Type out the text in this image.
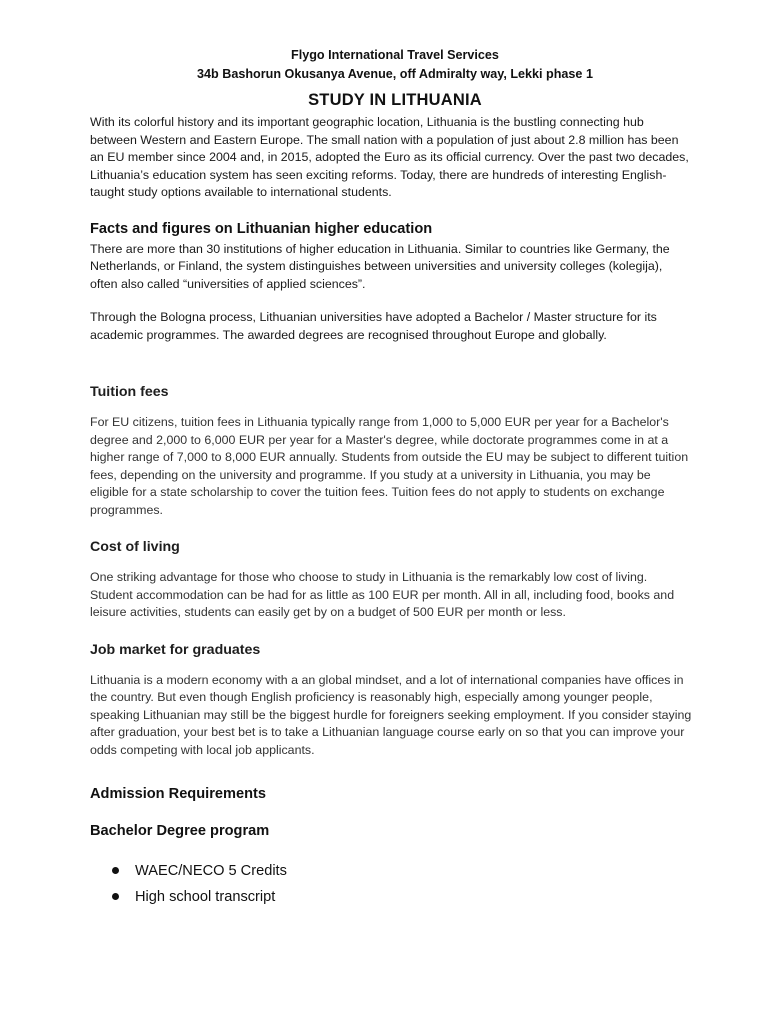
Flygo International Travel Services
34b Bashorun Okusanya Avenue, off Admiralty way, Lekki phase 1
STUDY IN LITHUANIA

With its colorful history and its important geographic location, Lithuania is the bustling connecting hub between Western and Eastern Europe. The small nation with a population of just about 2.8 million has been an EU member since 2004 and, in 2015, adopted the Euro as its official currency. Over the past two decades, Lithuania’s education system has seen exciting reforms. Today, there are hundreds of interesting English-taught study options available to international students.

Facts and figures on Lithuanian higher education

There are more than 30 institutions of higher education in Lithuania. Similar to countries like Germany, the Netherlands, or Finland, the system distinguishes between universities and university colleges (kolegija), often also called “universities of applied sciences”.

Through the Bologna process, Lithuanian universities have adopted a Bachelor / Master structure for its academic programmes. The awarded degrees are recognised throughout Europe and globally.

Tuition fees

For EU citizens, tuition fees in Lithuania typically range from 1,000 to 5,000 EUR per year for a Bachelor's degree and 2,000 to 6,000 EUR per year for a Master's degree, while doctorate programmes come in at a higher range of 7,000 to 8,000 EUR annually. Students from outside the EU may be subject to different tuition fees, depending on the university and programme. If you study at a university in Lithuania, you may be eligible for a state scholarship to cover the tuition fees. Tuition fees do not apply to students on exchange programmes.

Cost of living

One striking advantage for those who choose to study in Lithuania is the remarkably low cost of living. Student accommodation can be had for as little as 100 EUR per month. All in all, including food, books and leisure activities, students can easily get by on a budget of 500 EUR per month or less.

Job market for graduates

Lithuania is a modern economy with a an global mindset, and a lot of international companies have offices in the country. But even though English proficiency is reasonably high, especially among younger people, speaking Lithuanian may still be the biggest hurdle for foreigners seeking employment. If you consider staying after graduation, your best bet is to take a Lithuanian language course early on so that you can improve your odds competing with local job applicants.

Admission Requirements
Bachelor Degree program
WAEC/NECO 5 Credits
High school transcript
